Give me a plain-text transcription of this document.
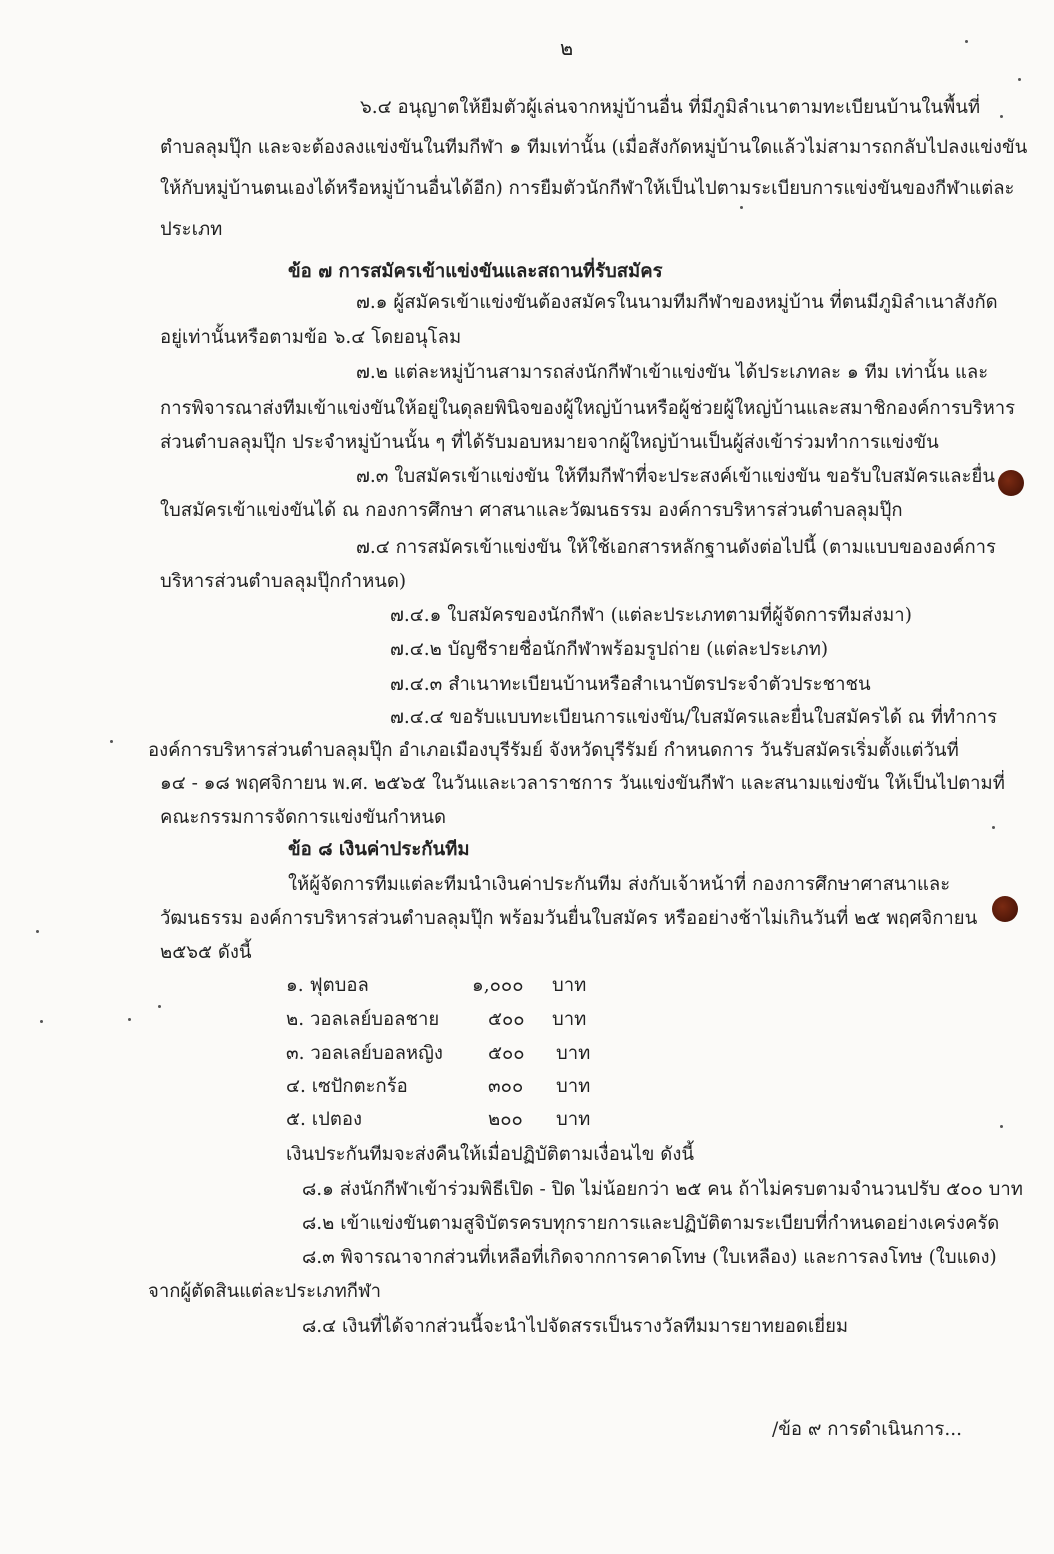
๒
๖.๔ อนุญาตให้ยืมตัวผู้เล่นจากหมู่บ้านอื่น ที่มีภูมิลำเนาตามทะเบียนบ้านในพื้นที่
ตำบลลุมปุ๊ก และจะต้องลงแข่งขันในทีมกีฬา ๑ ทีมเท่านั้น (เมื่อสังกัดหมู่บ้านใดแล้วไม่สามารถกลับไปลงแข่งขัน
ให้กับหมู่บ้านตนเองได้หรือหมู่บ้านอื่นได้อีก) การยืมตัวนักกีฬาให้เป็นไปตามระเบียบการแข่งขันของกีฬาแต่ละ
ประเภท
ข้อ ๗ การสมัครเข้าแข่งขันและสถานที่รับสมัคร
๗.๑ ผู้สมัครเข้าแข่งขันต้องสมัครในนามทีมกีฬาของหมู่บ้าน ที่ตนมีภูมิลำเนาสังกัด
อยู่เท่านั้นหรือตามข้อ ๖.๔ โดยอนุโลม
๗.๒ แต่ละหมู่บ้านสามารถส่งนักกีฬาเข้าแข่งขัน ได้ประเภทละ ๑ ทีม เท่านั้น และ
การพิจารณาส่งทีมเข้าแข่งขันให้อยู่ในดุลยพินิจของผู้ใหญ่บ้านหรือผู้ช่วยผู้ใหญ่บ้านและสมาชิกองค์การบริหาร
ส่วนตำบลลุมปุ๊ก ประจำหมู่บ้านนั้น ๆ ที่ได้รับมอบหมายจากผู้ใหญ่บ้านเป็นผู้ส่งเข้าร่วมทำการแข่งขัน
๗.๓ ใบสมัครเข้าแข่งขัน ให้ทีมกีฬาที่จะประสงค์เข้าแข่งขัน ขอรับใบสมัครและยื่น
ใบสมัครเข้าแข่งขันได้ ณ กองการศึกษา ศาสนาและวัฒนธรรม องค์การบริหารส่วนตำบลลุมปุ๊ก
๗.๔ การสมัครเข้าแข่งขัน ให้ใช้เอกสารหลักฐานดังต่อไปนี้ (ตามแบบขององค์การ
บริหารส่วนตำบลลุมปุ๊กกำหนด)
๗.๔.๑ ใบสมัครของนักกีฬา (แต่ละประเภทตามที่ผู้จัดการทีมส่งมา)
๗.๔.๒ บัญชีรายชื่อนักกีฬาพร้อมรูปถ่าย (แต่ละประเภท)
๗.๔.๓ สำเนาทะเบียนบ้านหรือสำเนาบัตรประจำตัวประชาชน
๗.๔.๔ ขอรับแบบทะเบียนการแข่งขัน/ใบสมัครและยื่นใบสมัครได้ ณ ที่ทำการ
องค์การบริหารส่วนตำบลลุมปุ๊ก อำเภอเมืองบุรีรัมย์ จังหวัดบุรีรัมย์ กำหนดการ วันรับสมัครเริ่มตั้งแต่วันที่
๑๔ - ๑๘ พฤศจิกายน พ.ศ. ๒๕๖๕ ในวันและเวลาราชการ วันแข่งขันกีฬา และสนามแข่งขัน ให้เป็นไปตามที่
คณะกรรมการจัดการแข่งขันกำหนด
ข้อ ๘ เงินค่าประกันทีม
ให้ผู้จัดการทีมแต่ละทีมนำเงินค่าประกันทีม ส่งกับเจ้าหน้าที่ กองการศึกษาศาสนาและ
วัฒนธรรม องค์การบริหารส่วนตำบลลุมปุ๊ก พร้อมวันยื่นใบสมัคร หรืออย่างช้าไม่เกินวันที่ ๒๕ พฤศจิกายน
๒๕๖๕ ดังนี้
๑. ฟุตบอล	๑,๐๐๐ บาท
๒. วอลเลย์บอลชาย	๕๐๐ บาท
๓. วอลเลย์บอลหญิง ๕๐๐ บาท
๔. เซปักตะกร้อ	๓๐๐ บาท
๕. เปตอง	๒๐๐ บาท
เงินประกันทีมจะส่งคืนให้เมื่อปฏิบัติตามเงื่อนไข ดังนี้
๘.๑ ส่งนักกีฬาเข้าร่วมพิธีเปิด - ปิด ไม่น้อยกว่า ๒๕ คน ถ้าไม่ครบตามจำนวนปรับ ๕๐๐ บาท
๘.๒ เข้าแข่งขันตามสูจิบัตรครบทุกรายการและปฏิบัติตามระเบียบที่กำหนดอย่างเคร่งครัด
๘.๓ พิจารณาจากส่วนที่เหลือที่เกิดจากการคาดโทษ (ใบเหลือง) และการลงโทษ (ใบแดง)
จากผู้ตัดสินแต่ละประเภทกีฬา
๘.๔ เงินที่ได้จากส่วนนี้จะนำไปจัดสรรเป็นรางวัลทีมมารยาทยอดเยี่ยม
/ข้อ ๙ การดำเนินการ...
